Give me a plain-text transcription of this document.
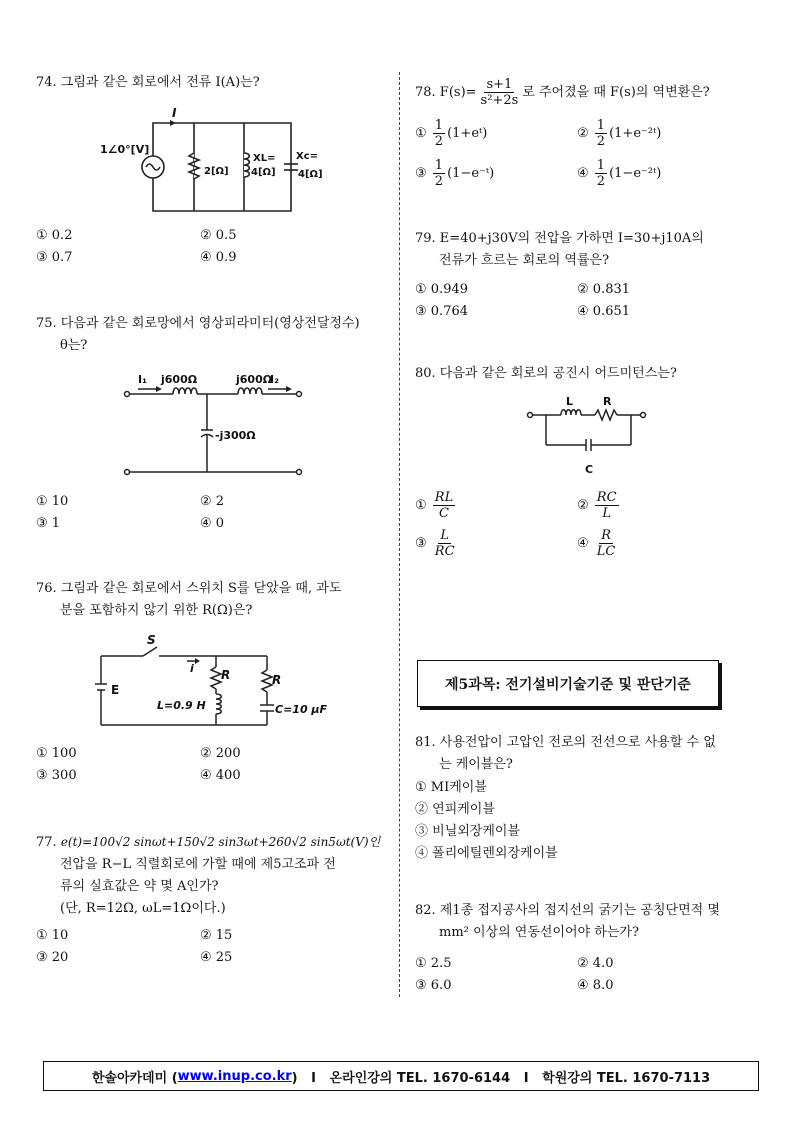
74. 그림과 같은 회로에서 전류 I(A)는?
1∠0°[V]
I
2[Ω]
XL=
4[Ω]
Xc=
4[Ω]
① 0.2	② 0.5
③ 0.7	④ 0.9
75. 다음과 같은 회로망에서 영상피라미터(영상전달정수)
θ는?
I₁ j600Ω	j600Ω
I₂
-j300Ω
① 10	② 2
③ 1	④ 0
76. 그림과 같은 회로에서 스위치 S를 닫았을 때, 과도
분을 포함하지 않기 위한 R(Ω)은?
S
i R	R
E
L=0.9 H	C=10 μF
① 100	② 200
③ 300	④ 400
77. e(t)=100√2 sinωt+150√2 sin3ωt+260√2 sin5ωt(V)인
전압을 R−L 직렬회로에 가할 때에 제5고조파 전
류의 실효값은 약 몇 A인가?
(단, R=12Ω, ωL=1Ω이다.)
① 10	② 15
③ 20	④ 25
78. $F(s)= \frac{s+1}{\text{s²+2s}}$ 로 주어졌을 때 F(s)의 역변환은?
①
$\frac{1}{2}$ (1+eᵗ)	②
$\frac{1}{2}$ (1+e⁻²ᵗ)
③
$\frac{1}{2}$ (1−e⁻ᵗ)	④
$\frac{1}{2}$ (1−e⁻²ᵗ)
79. E=40+j30V의 전압을 가하면 I=30+j10A의
전류가 흐르는 회로의 역률은?
① 0.949	② 0.831
③ 0.764	④ 0.651
80. 다음과 같은 회로의 공진시 어드미턴스는?
L	R
C
①
$\frac{RL}{C}$	②
$\frac{RC}{L}$
③
$\frac{L}{RC}$	④
$\frac{R}{LC}$
제5과목: 전기설비기술기준 및 판단기준
81. 사용전압이 고압인 전로의 전선으로 사용할 수 없
는 케이블은?
① MI케이블
② 연피케이블
③ 비닐외장케이블
④ 폴리에틸렌외장케이블
82. 제1종 접지공사의 접지선의 굵기는 공칭단면적 몇
mm² 이상의 연동선이어야 하는가?
① 2.5	② 4.0
③ 6.0	④ 8.0
한솔아카데미 ( www.inup.co.kr )   I   온라인강의 TEL. 1670-6144   I   학원강의 TEL. 1670-7113
